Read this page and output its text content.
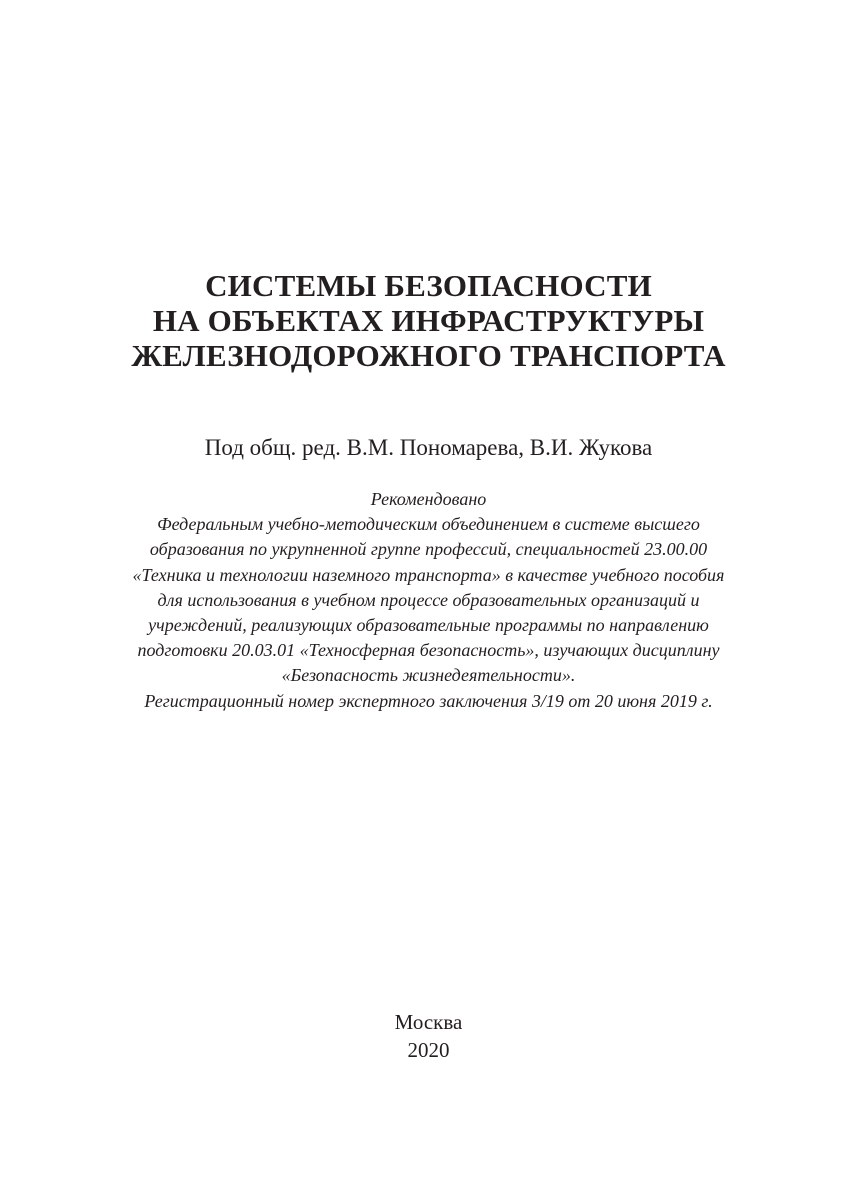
СИСТЕМЫ БЕЗОПАСНОСТИ
НА ОБЪЕКТАХ ИНФРАСТРУКТУРЫ
ЖЕЛЕЗНОДОРОЖНОГО ТРАНСПОРТА
Под общ. ред. В.М. Пономарева, В.И. Жукова
Рекомендовано
Федеральным учебно-методическим объединением в системе высшего
образования по укрупненной группе профессий, специальностей 23.00.00
«Техника и технологии наземного транспорта» в качестве учебного пособия
для использования в учебном процессе образовательных организаций и
учреждений, реализующих образовательные программы по направлению
подготовки 20.03.01 «Техносферная безопасность», изучающих дисциплину
«Безопасность жизнедеятельности».
Регистрационный номер экспертного заключения 3/19 от 20 июня 2019 г.
Москва
2020
